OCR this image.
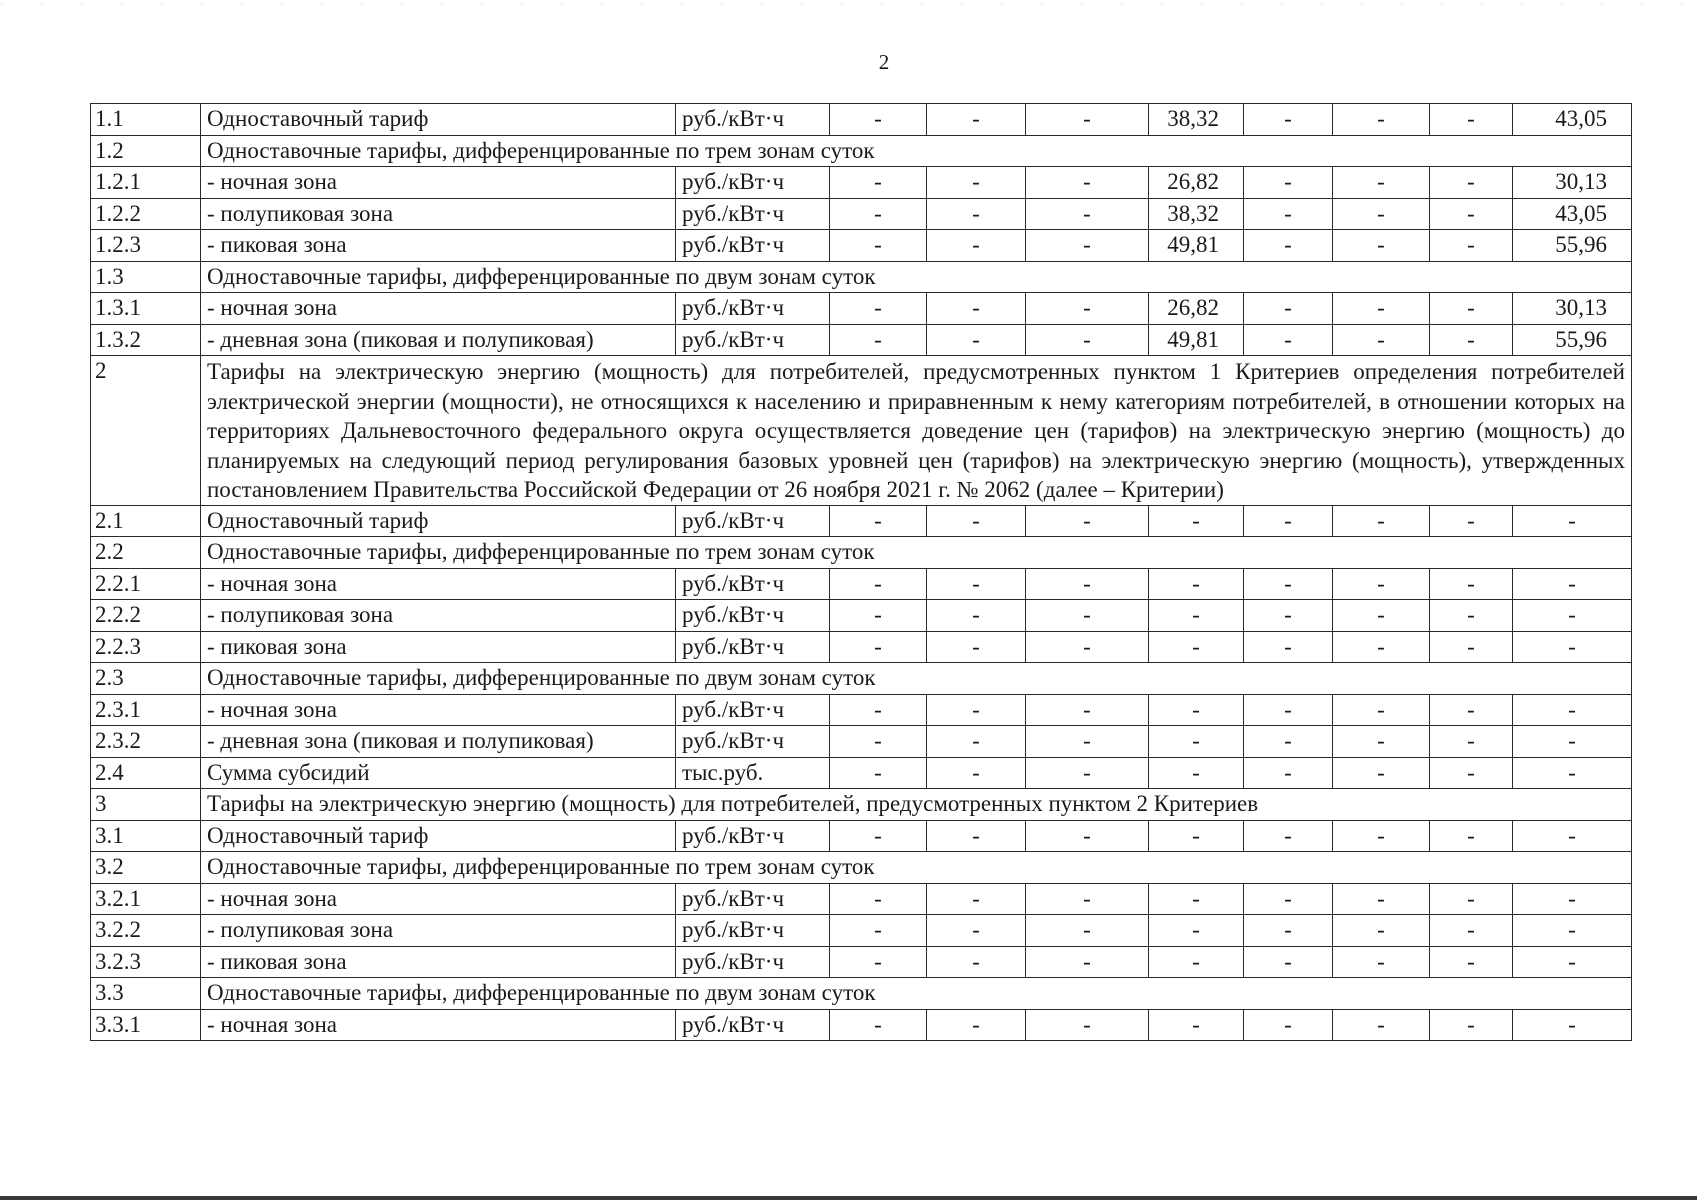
2
1.1	Одноставочный тариф	руб./кВт·ч	-	-	-	38,32	-	-	-	43,05
1.2	Одноставочные тарифы, дифференцированные по трем зонам суток									
1.2.1	- ночная зона	руб./кВт·ч	-	-	-	26,82	-	-	-	30,13
1.2.2	- полупиковая зона	руб./кВт·ч	-	-	-	38,32	-	-	-	43,05
1.2.3	- пиковая зона	руб./кВт·ч	-	-	-	49,81	-	-	-	55,96
1.3	Одноставочные тарифы, дифференцированные по двум зонам суток									
1.3.1	- ночная зона	руб./кВт·ч	-	-	-	26,82	-	-	-	30,13
1.3.2	- дневная зона (пиковая и полупиковая)	руб./кВт·ч	-	-	-	49,81	-	-	-	55,96
2	Тарифы на электрическую энергию (мощность) для потребителей, предусмотренных пунктом 1 Критериев определения потребителей электрической энергии (мощности), не относящихся к населению и приравненным к нему категориям потребителей, в отношении которых на территориях Дальневосточного федерального округа осуществляется доведение цен (тарифов) на электрическую энергию (мощность) до планируемых на следующий период регулирования базовых уровней цен (тарифов) на электрическую энергию (мощность), утвержденных постановлением Правительства Российской Федерации от 26 ноября 2021 г. № 2062 (далее – Критерии)									
2.1	Одноставочный тариф	руб./кВт·ч	-	-	-	-	-	-	-	-
2.2	Одноставочные тарифы, дифференцированные по трем зонам суток									
2.2.1	- ночная зона	руб./кВт·ч	-	-	-	-	-	-	-	-
2.2.2	- полупиковая зона	руб./кВт·ч	-	-	-	-	-	-	-	-
2.2.3	- пиковая зона	руб./кВт·ч	-	-	-	-	-	-	-	-
2.3	Одноставочные тарифы, дифференцированные по двум зонам суток									
2.3.1	- ночная зона	руб./кВт·ч	-	-	-	-	-	-	-	-
2.3.2	- дневная зона (пиковая и полупиковая)	руб./кВт·ч	-	-	-	-	-	-	-	-
2.4	Сумма субсидий	тыс.руб.	-	-	-	-	-	-	-	-
3	Тарифы на электрическую энергию (мощность) для потребителей, предусмотренных пунктом 2 Критериев									
3.1	Одноставочный тариф	руб./кВт·ч	-	-	-	-	-	-	-	-
3.2	Одноставочные тарифы, дифференцированные по трем зонам суток									
3.2.1	- ночная зона	руб./кВт·ч	-	-	-	-	-	-	-	-
3.2.2	- полупиковая зона	руб./кВт·ч	-	-	-	-	-	-	-	-
3.2.3	- пиковая зона	руб./кВт·ч	-	-	-	-	-	-	-	-
3.3	Одноставочные тарифы, дифференцированные по двум зонам суток									
3.3.1	- ночная зона	руб./кВт·ч	-	-	-	-	-	-	-	-
